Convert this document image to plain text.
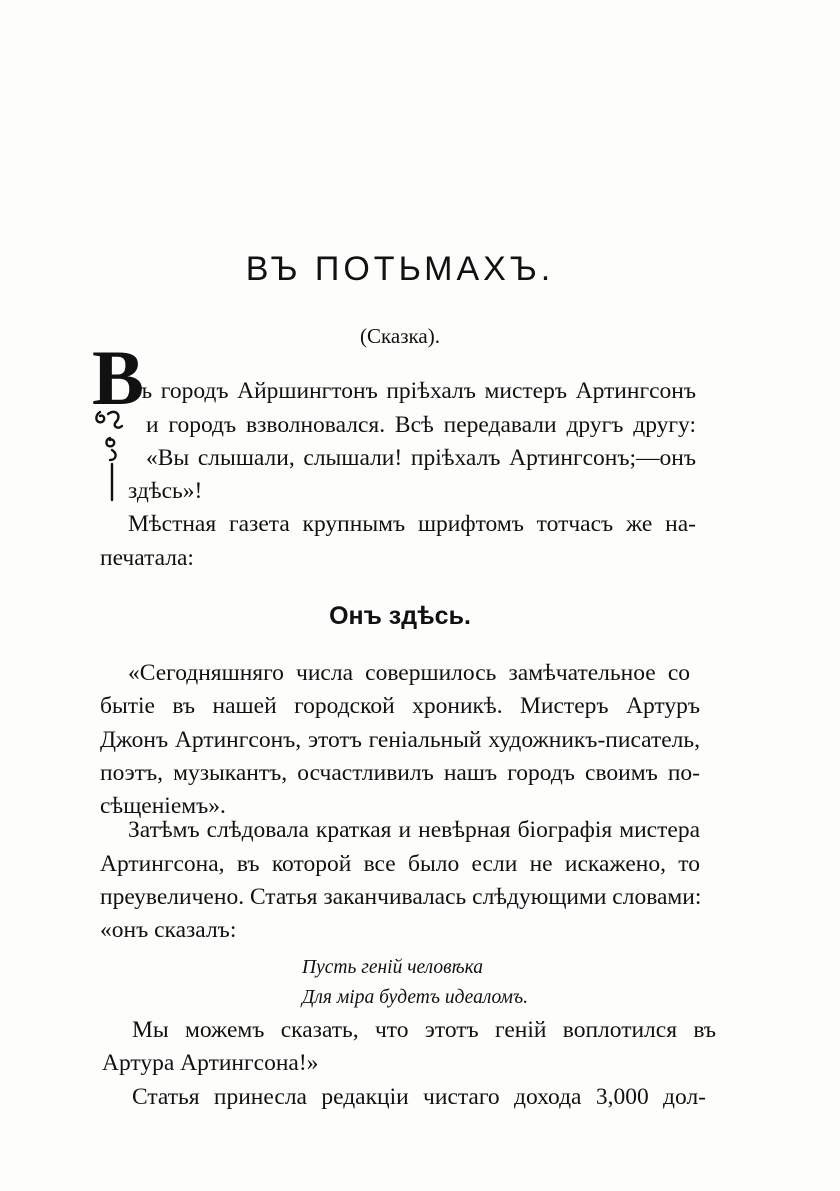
ВЪ ПОТЬМАХЪ.
(Сказка).
В
ъ городъ Айршингтонъ прiѣхалъ мистеръ Артингсонъ
и городъ взволновался. Всѣ передавали другъ другу:
«Вы слышали, слышали! прiѣхалъ Артингсонъ;—онъ
здѣсь»!
Мѣстная газета крупнымъ шрифтомъ тотчасъ же на-
печатала:
Онъ здѣсь.
«Сегодняшняго числа совершилось замѣчательное со
бытiе въ нашей городской хроникѣ. Мистеръ Артуръ
Джонъ Артингсонъ, этотъ генiальный художникъ-писатель,
поэтъ, музыкантъ, осчастливилъ нашъ городъ своимъ по-
сѣщенiемъ».
Затѣмъ слѣдовала краткая и невѣрная бiографiя мистера
Артингсона, въ которой все было если не искажено, то
преувеличено. Статья заканчивалась слѣдующими словами:
«онъ сказалъ:
Пусть генiй человѣка
Для мiра будетъ идеаломъ.
Мы можемъ сказать, что этотъ генiй воплотился въ
Артура Артингсона!»
Статья принесла редакцiи чистаго дохода 3,000 дол-
